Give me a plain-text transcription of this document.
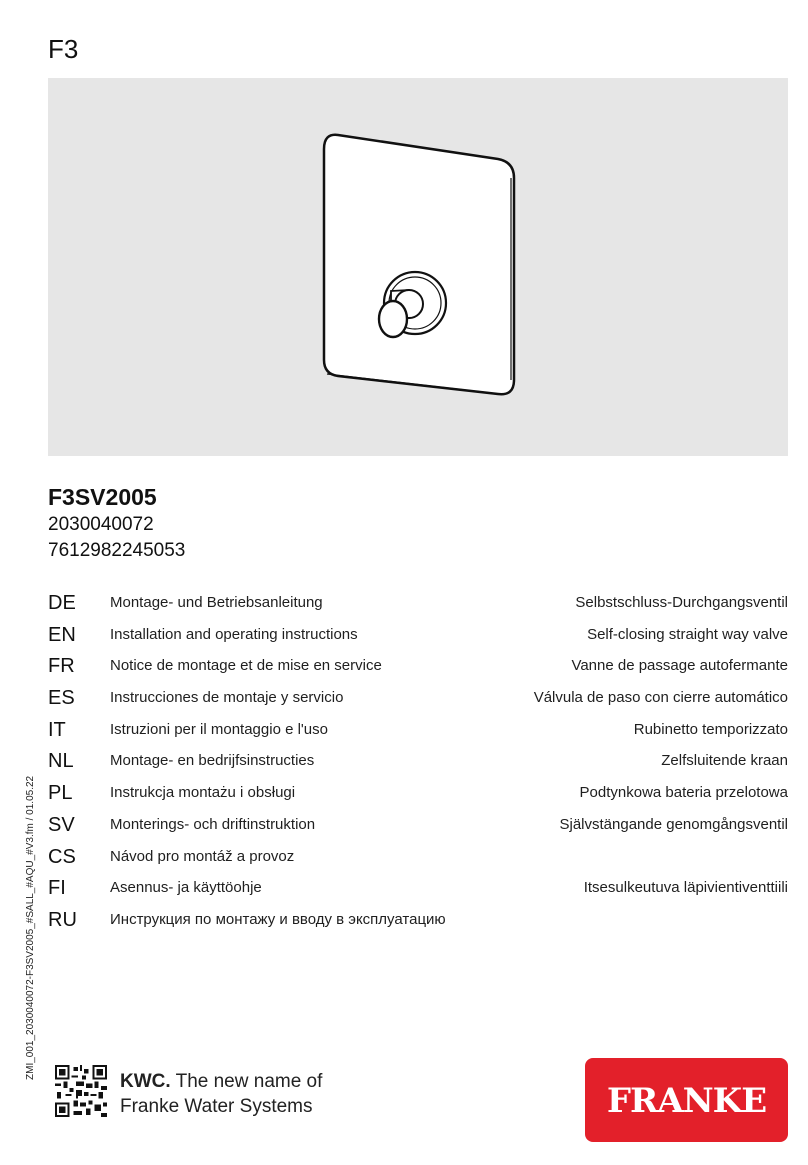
F3
F3SV2005
2030040072
7612982245053
DE Montage- und Betriebsanleitung	Selbstschluss-Durchgangsventil
EN Installation and operating instructions	Self-closing straight way valve
FR Notice de montage et de mise en service	Vanne de passage autofermante
ES Instrucciones de montaje y servicio	Válvula de paso con cierre automático
IT	Istruzioni per il montaggio e l'uso	Rubinetto temporizzato
NL Montage- en bedrijfsinstructies	Zelfsluitende kraan
PL	Instrukcja montażu i obsługi	Podtynkowa bateria przelotowa
SV Monterings- och driftinstruktion	Självstängande genomgångsventil
CS Návod pro montáž a provoz
FI	Asennus- ja käyttöohje	Itsesulkeutuva läpivientiventtiili
RU Инструкция по монтажу и вводу в эксплуатацию
ZMI_001_2030040072-F3SV2005_#SALL_#AQU_#V3.fm / 01.05.22
KWC. The new name of
Franke Water Systems	FRANKE
